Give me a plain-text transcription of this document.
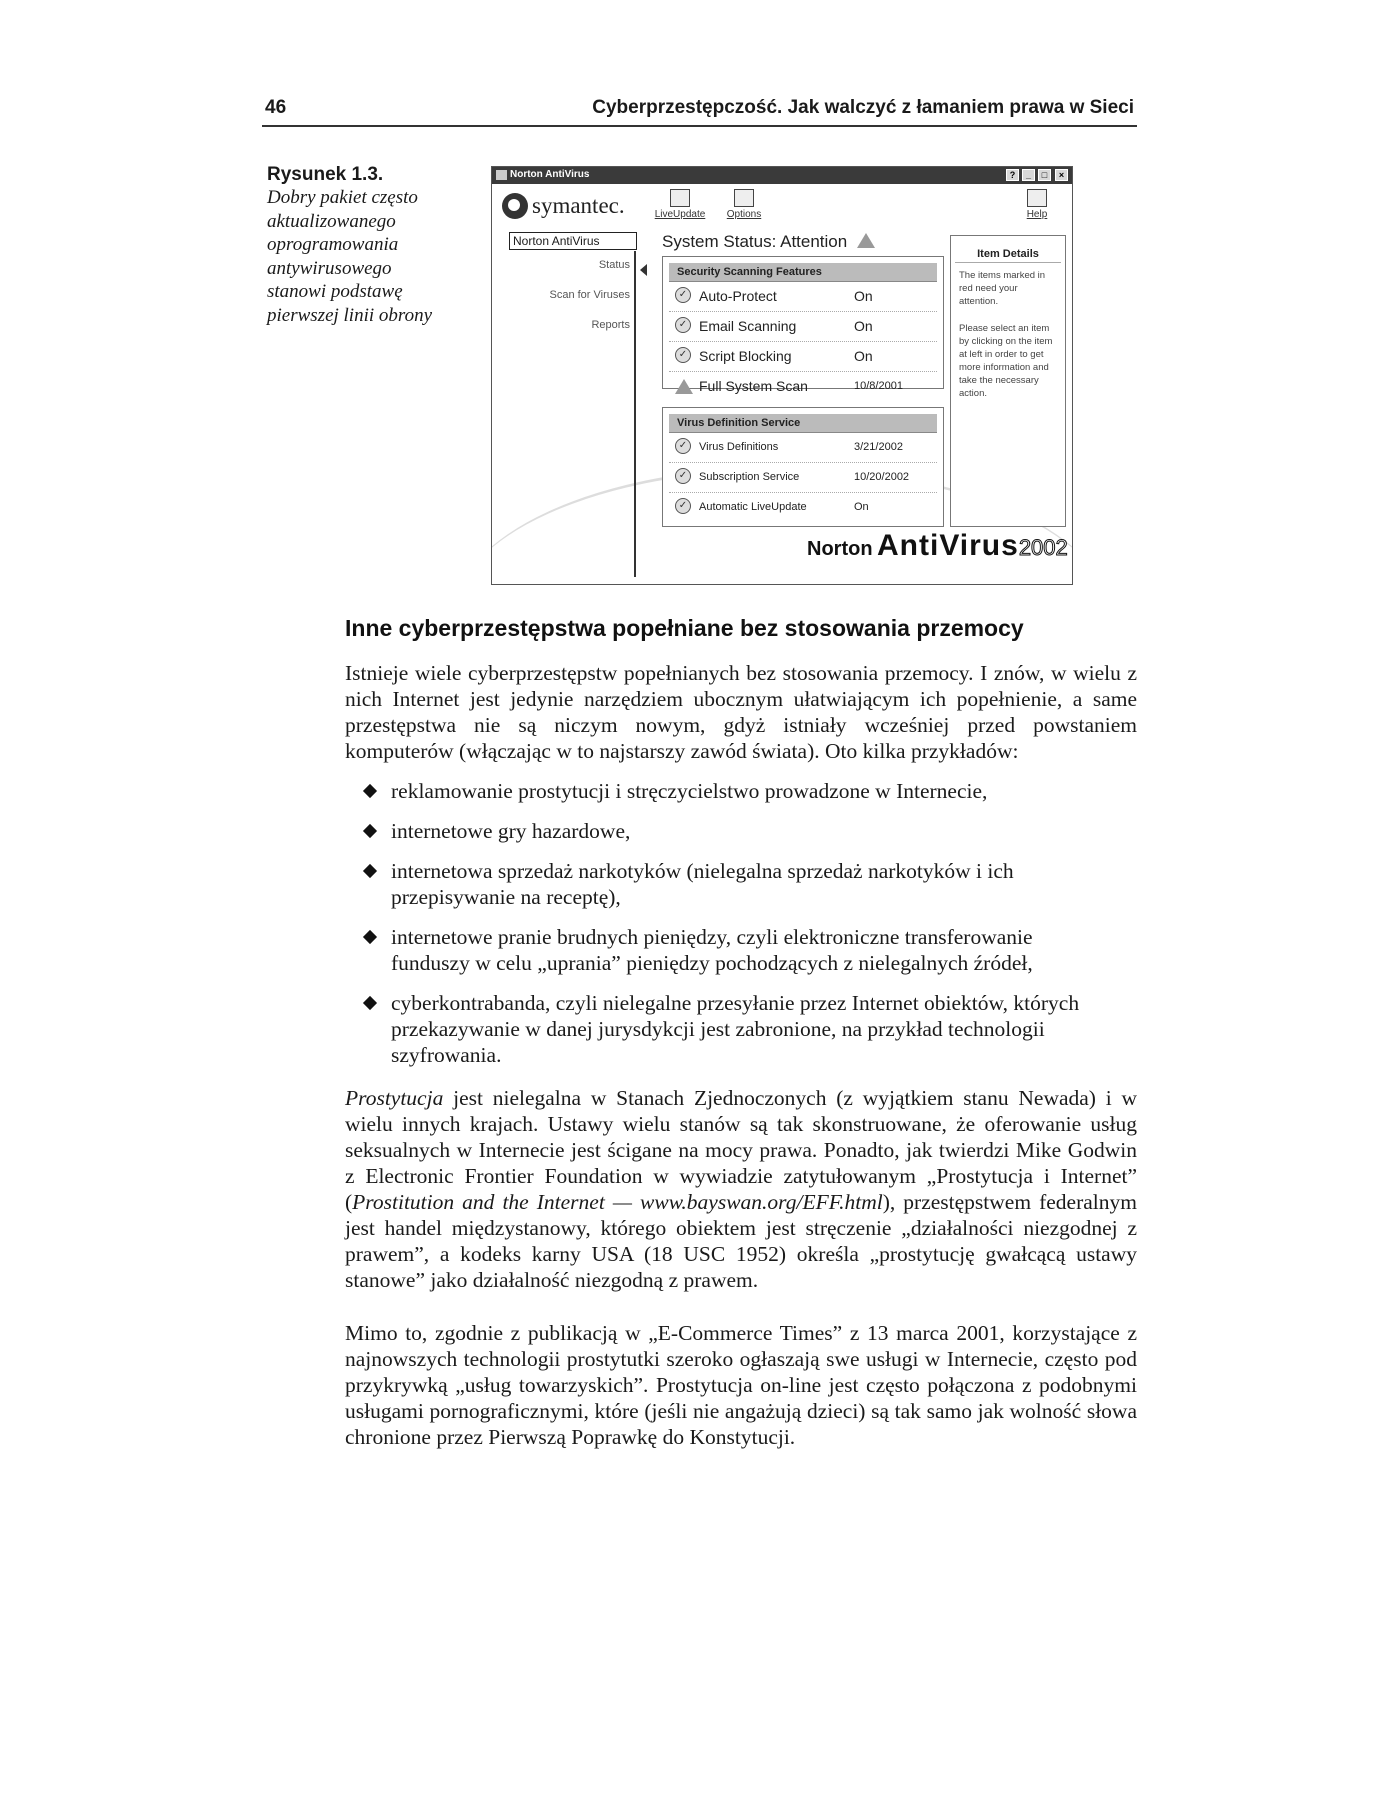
46	Cyberprzestępczość. Jak walczyć z łamaniem prawa w Sieci
Rysunek 1.3.
Dobry pakiet często aktualizowanego oprogramowania antywirusowego stanowi podstawę pierwszej linii obrony
Norton AntiVirus	?	_	□	×
symantec.	LiveUpdate	Options	Help
Norton AntiVirus
Status
Scan for Viruses
Reports
System Status: Attention
Security Scanning Features
✓ Auto-Protect	On
✓ Email Scanning	On
✓ Script Blocking	On
Full System Scan	10/8/2001
Virus Definition Service
✓	Virus Definitions	3/21/2002
✓	Subscription Service	10/20/2002
✓	Automatic LiveUpdate	On
Item Details
The items marked in red need your attention.
Please select an item by clicking on the item at left in order to get more information and take the necessary action.
Norton AntiVirus2002
Inne cyberprzestępstwa popełniane bez stosowania przemocy
Istnieje wiele cyberprzestępstw popełnianych bez stosowania przemocy. I znów, w wielu z nich Internet jest jedynie narzędziem ubocznym ułatwiającym ich popełnienie, a same przestępstwa nie są niczym nowym, gdyż istniały wcześniej przed powstaniem komputerów (włączając w to najstarszy zawód świata). Oto kilka przykładów:
reklamowanie prostytucji i stręczycielstwo prowadzone w Internecie,
internetowe gry hazardowe,
internetowa sprzedaż narkotyków (nielegalna sprzedaż narkotyków i ich przepisywanie na receptę),
internetowe pranie brudnych pieniędzy, czyli elektroniczne transferowanie funduszy w celu „uprania” pieniędzy pochodzących z nielegalnych źródeł,
cyberkontrabanda, czyli nielegalne przesyłanie przez Internet obiektów, których przekazywanie w danej jurysdykcji jest zabronione, na przykład technologii szyfrowania.
Prostytucja jest nielegalna w Stanach Zjednoczonych (z wyjątkiem stanu Newada) i w wielu innych krajach. Ustawy wielu stanów są tak skonstruowane, że oferowanie usług seksualnych w Internecie jest ścigane na mocy prawa. Ponadto, jak twierdzi Mike Godwin z Electronic Frontier Foundation w wywiadzie zatytułowanym „Prostytucja i Internet” (Prostitution and the Internet — www.bayswan.org/EFF.html), przestępstwem federalnym jest handel międzystanowy, którego obiektem jest stręczenie „działalności niezgodnej z prawem”, a kodeks karny USA (18 USC 1952) określa „prostytucję gwałcącą ustawy stanowe” jako działalność niezgodną z prawem.
Mimo to, zgodnie z publikacją w „E-Commerce Times” z 13 marca 2001, korzystające z najnowszych technologii prostytutki szeroko ogłaszają swe usługi w Internecie, często pod przykrywką „usług towarzyskich”. Prostytucja on-line jest często połączona z podobnymi usługami pornograficznymi, które (jeśli nie angażują dzieci) są tak samo jak wolność słowa chronione przez Pierwszą Poprawkę do Konstytucji.
